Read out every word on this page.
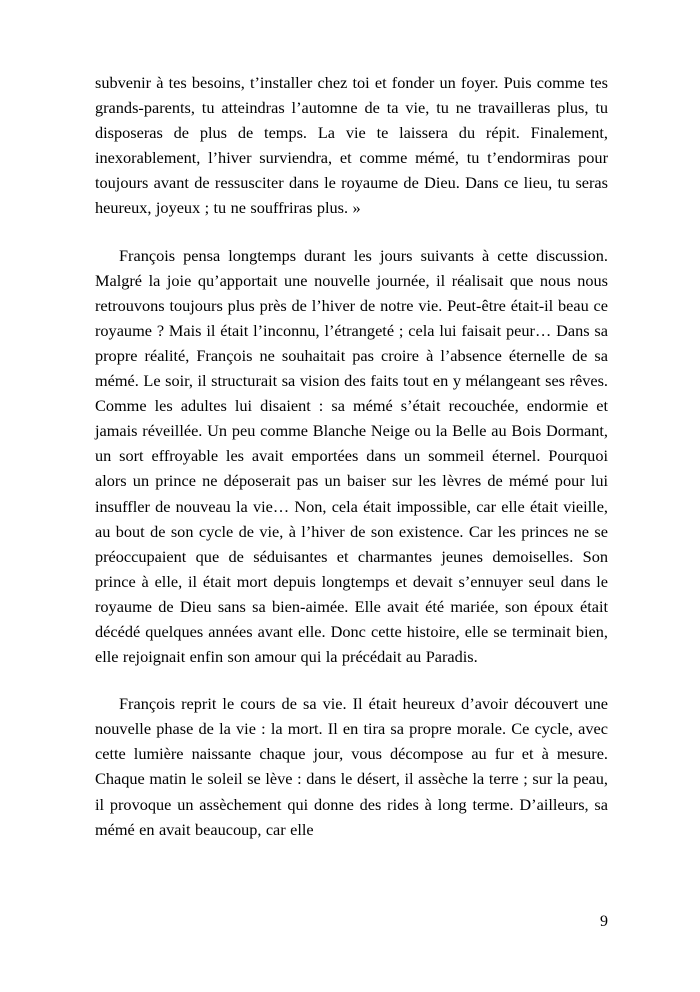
subvenir à tes besoins, t’installer chez toi et fonder un foyer. Puis comme tes grands-parents, tu atteindras l’automne de ta vie, tu ne travailleras plus, tu disposeras de plus de temps. La vie te laissera du répit. Finalement, inexorablement, l’hiver surviendra, et comme mémé, tu t’endormiras pour toujours avant de ressusciter dans le royaume de Dieu. Dans ce lieu, tu seras heureux, joyeux ; tu ne souffriras plus. »

François pensa longtemps durant les jours suivants à cette discussion. Malgré la joie qu’apportait une nouvelle journée, il réalisait que nous nous retrouvons toujours plus près de l’hiver de notre vie. Peut-être était-il beau ce royaume ? Mais il était l’inconnu, l’étrangeté ; cela lui faisait peur… Dans sa propre réalité, François ne souhaitait pas croire à l’absence éternelle de sa mémé. Le soir, il structurait sa vision des faits tout en y mélangeant ses rêves. Comme les adultes lui disaient : sa mémé s’était recouchée, endormie et jamais réveillée. Un peu comme Blanche Neige ou la Belle au Bois Dormant, un sort effroyable les avait emportées dans un sommeil éternel. Pourquoi alors un prince ne déposerait pas un baiser sur les lèvres de mémé pour lui insuffler de nouveau la vie… Non, cela était impossible, car elle était vieille, au bout de son cycle de vie, à l’hiver de son existence. Car les princes ne se préoccupaient que de séduisantes et charmantes jeunes demoiselles. Son prince à elle, il était mort depuis longtemps et devait s’ennuyer seul dans le royaume de Dieu sans sa bien-aimée. Elle avait été mariée, son époux était décédé quelques années avant elle. Donc cette histoire, elle se terminait bien, elle rejoignait enfin son amour qui la précédait au Paradis.

François reprit le cours de sa vie. Il était heureux d’avoir découvert une nouvelle phase de la vie : la mort. Il en tira sa propre morale. Ce cycle, avec cette lumière naissante chaque jour, vous décompose au fur et à mesure. Chaque matin le soleil se lève : dans le désert, il assèche la terre ; sur la peau, il provoque un assèchement qui donne des rides à long terme. D’ailleurs, sa mémé en avait beaucoup, car elle

9
